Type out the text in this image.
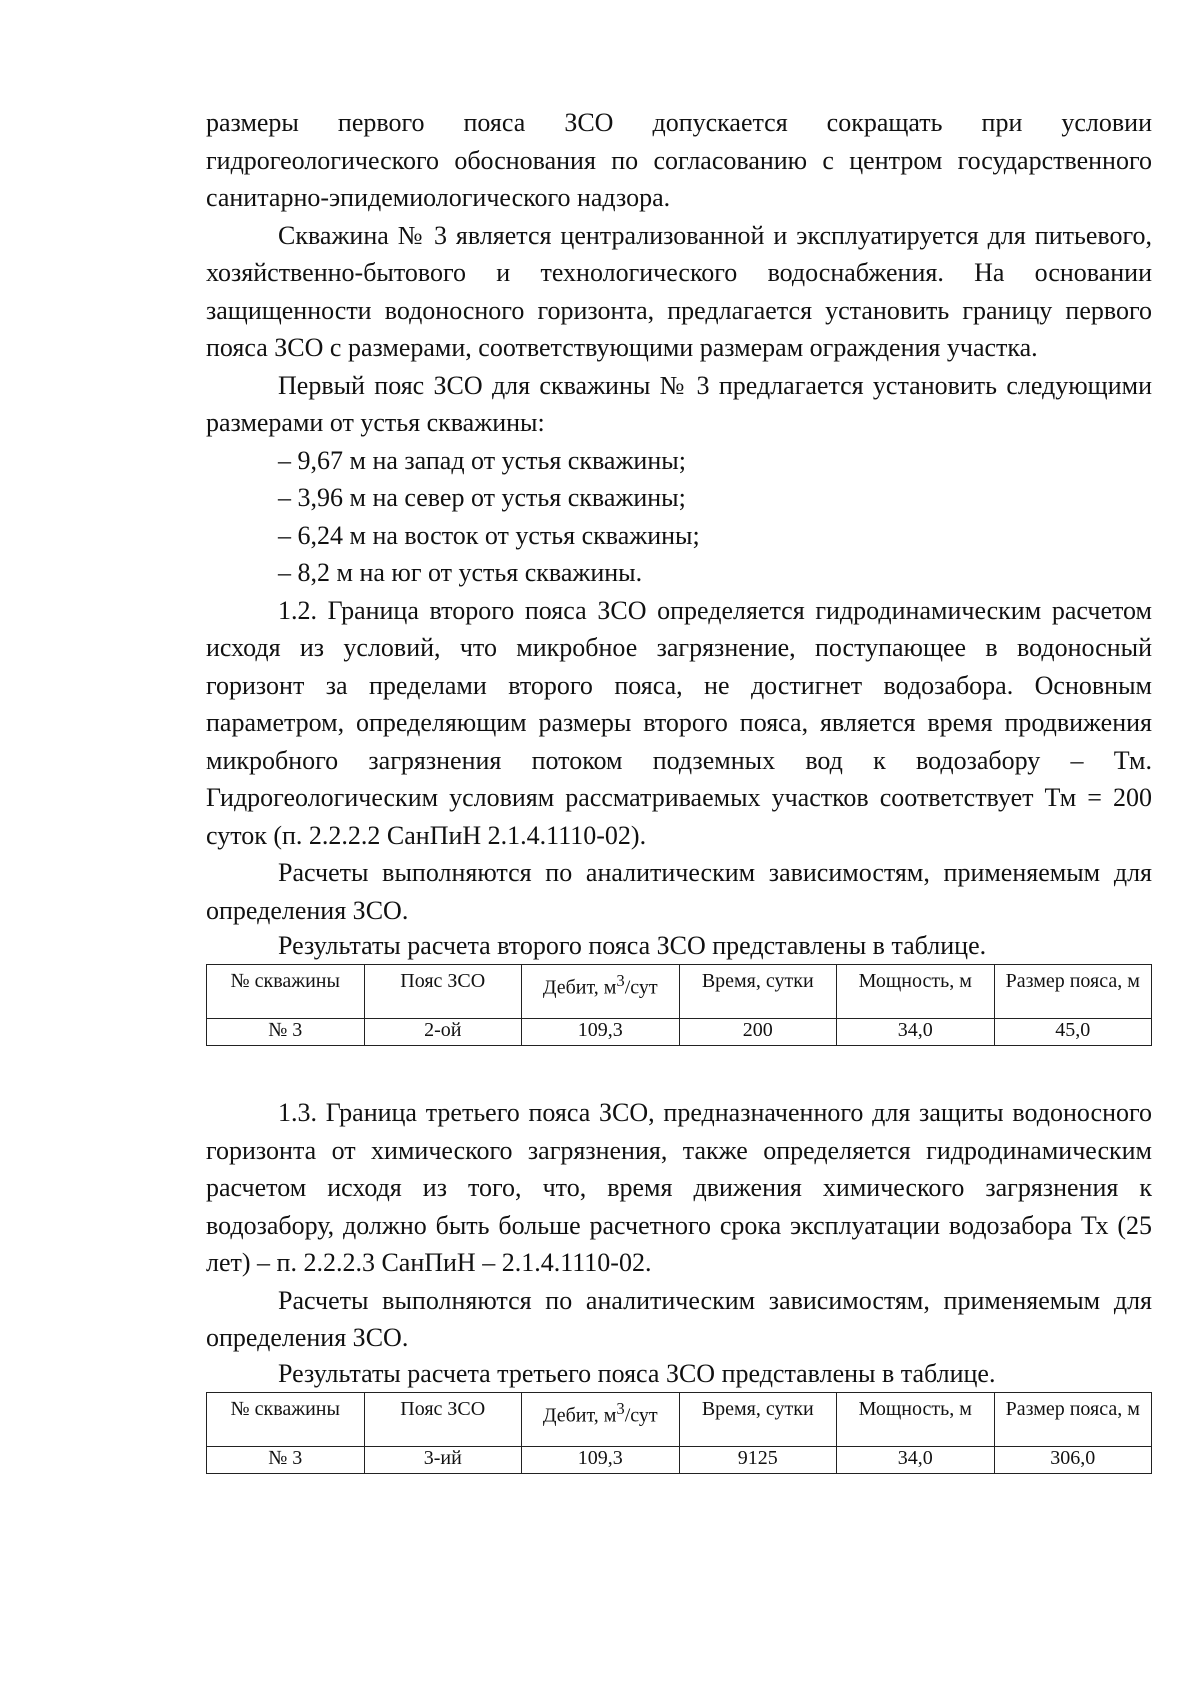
размеры первого пояса ЗСО допускается сокращать при условии гидрогеологического обоснования по согласованию с центром государственного санитарно-эпидемиологического надзора.

Скважина № 3 является централизованной и эксплуатируется для питьевого, хозяйственно-бытового и технологического водоснабжения. На основании защищенности водоносного горизонта, предлагается установить границу первого пояса ЗСО с размерами, соответствующими размерам ограждения участка.

Первый пояс ЗСО для скважины № 3 предлагается установить следующими размерами от устья скважины:

– 9,67 м на запад от устья скважины;

– 3,96 м на север от устья скважины;

– 6,24 м на восток от устья скважины;

– 8,2 м на юг от устья скважины.

1.2. Граница второго пояса ЗСО определяется гидродинамическим расчетом исходя из условий, что микробное загрязнение, поступающее в водоносный горизонт за пределами второго пояса, не достигнет водозабора. Основным параметром, определяющим размеры второго пояса, является время продвижения микробного загрязнения потоком подземных вод к водозабору – Тм. Гидрогеологическим условиям рассматриваемых участков соответствует Тм = 200 суток (п. 2.2.2.2 СанПиН 2.1.4.1110-02).

Расчеты выполняются по аналитическим зависимостям, применяемым для определения ЗСО.

Результаты расчета второго пояса ЗСО представлены в таблице.

№ скважины	Пояс ЗСО	Дебит, $м^3$/сут	Время, сутки	Мощность, м	Размер пояса, м
№ 3	2-ой	109,3	200	34,0	45,0

1.3. Граница третьего пояса ЗСО, предназначенного для защиты водоносного горизонта от химического загрязнения, также определяется гидродинамическим расчетом исходя из того, что, время движения химического загрязнения к водозабору, должно быть больше расчетного срока эксплуатации водозабора Тх (25 лет) – п. 2.2.2.3 СанПиН – 2.1.4.1110-02.

Расчеты выполняются по аналитическим зависимостям, применяемым для определения ЗСО.

Результаты расчета третьего пояса ЗСО представлены в таблице.

№ скважины	Пояс ЗСО	Дебит, $м^3$/сут	Время, сутки	Мощность, м	Размер пояса, м
№ 3	3-ий	109,3	9125	34,0	306,0
